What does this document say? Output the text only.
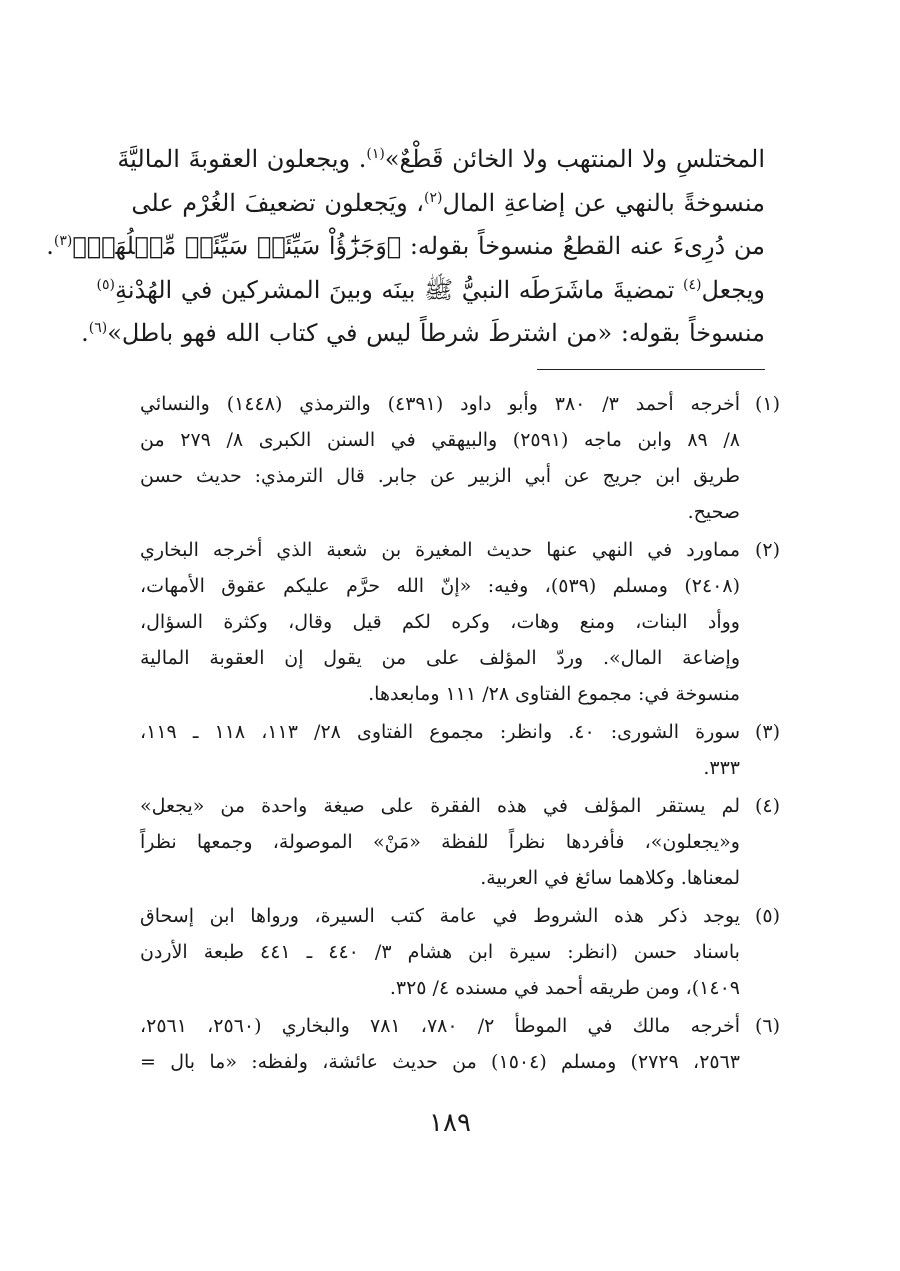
المختلسِ ولا المنتهب ولا الخائن قَطْعٌ»$^{(١)}$. ويجعلون العقوبةَ الماليَّةَ
منسوخةً بالنهي عن إضاعةِ المال$^{(٢)}$، ويَجعلون تضعيفَ الغُرْم على
من دُرِىءَ عنه القطعُ منسوخاً بقوله: ﴿وَجَزَٰٓؤُاْ سَيِّئَةٖ سَيِّئَةٞ مِّثۡلُهَاۚ﴾$^{(٣)}$.
ويجعل$^{(٤)}$ تمضيةَ ماشَرَطَه النبيُّ ﷺ بينَه وبينَ المشركين في الهُدْنةِ$^{(٥)}$
منسوخاً بقوله: «من اشترطَ شرطاً ليس في كتاب الله فهو باطل»$^{(٦)}$.
(١)
أخرجه أحمد ٣/ ٣٨٠ وأبو داود (٤٣٩١) والترمذي (١٤٤٨) والنسائي
٨/ ٨٩ وابن ماجه (٢٥٩١) والبيهقي في السنن الكبرى ٨/ ٢٧٩ من
طريق ابن جريج عن أبي الزبير عن جابر. قال الترمذي: حديث حسن
صحيح.
(٢)
مماورد في النهي عنها حديث المغيرة بن شعبة الذي أخرجه البخاري
(٢٤٠٨) ومسلم (٥٣٩)، وفيه: «إنّ الله حرَّم عليكم عقوق الأمهات،
ووأد البنات، ومنع وهات، وكره لكم قيل وقال، وكثرة السؤال،
وإضاعة المال». وردّ المؤلف على من يقول إن العقوبة المالية
منسوخة في: مجموع الفتاوى ٢٨/ ١١١ ومابعدها.
(٣)
سورة الشورى: ٤٠. وانظر: مجموع الفتاوى ٢٨/ ١١٣، ١١٨ ـ ١١٩،
٣٣٣.
(٤)
لم يستقر المؤلف في هذه الفقرة على صيغة واحدة من «يجعل»
و«يجعلون»، فأفردها نظراً للفظة «مَنْ» الموصولة، وجمعها نظراً
لمعناها. وكلاهما سائغ في العربية.
(٥)
يوجد ذكر هذه الشروط في عامة كتب السيرة، ورواها ابن إسحاق
باسناد حسن (انظر: سيرة ابن هشام ٣/ ٤٤٠ ـ ٤٤١ طبعة الأردن
١٤٠٩)، ومن طريقه أحمد في مسنده ٤/ ٣٢٥.
(٦)
أخرجه مالك في الموطأ ٢/ ٧٨٠، ٧٨١ والبخاري (٢٥٦٠، ٢٥٦١،
٢٥٦٣، ٢٧٢٩) ومسلم (١٥٠٤) من حديث عائشة، ولفظه: «ما بال =
١٨٩
